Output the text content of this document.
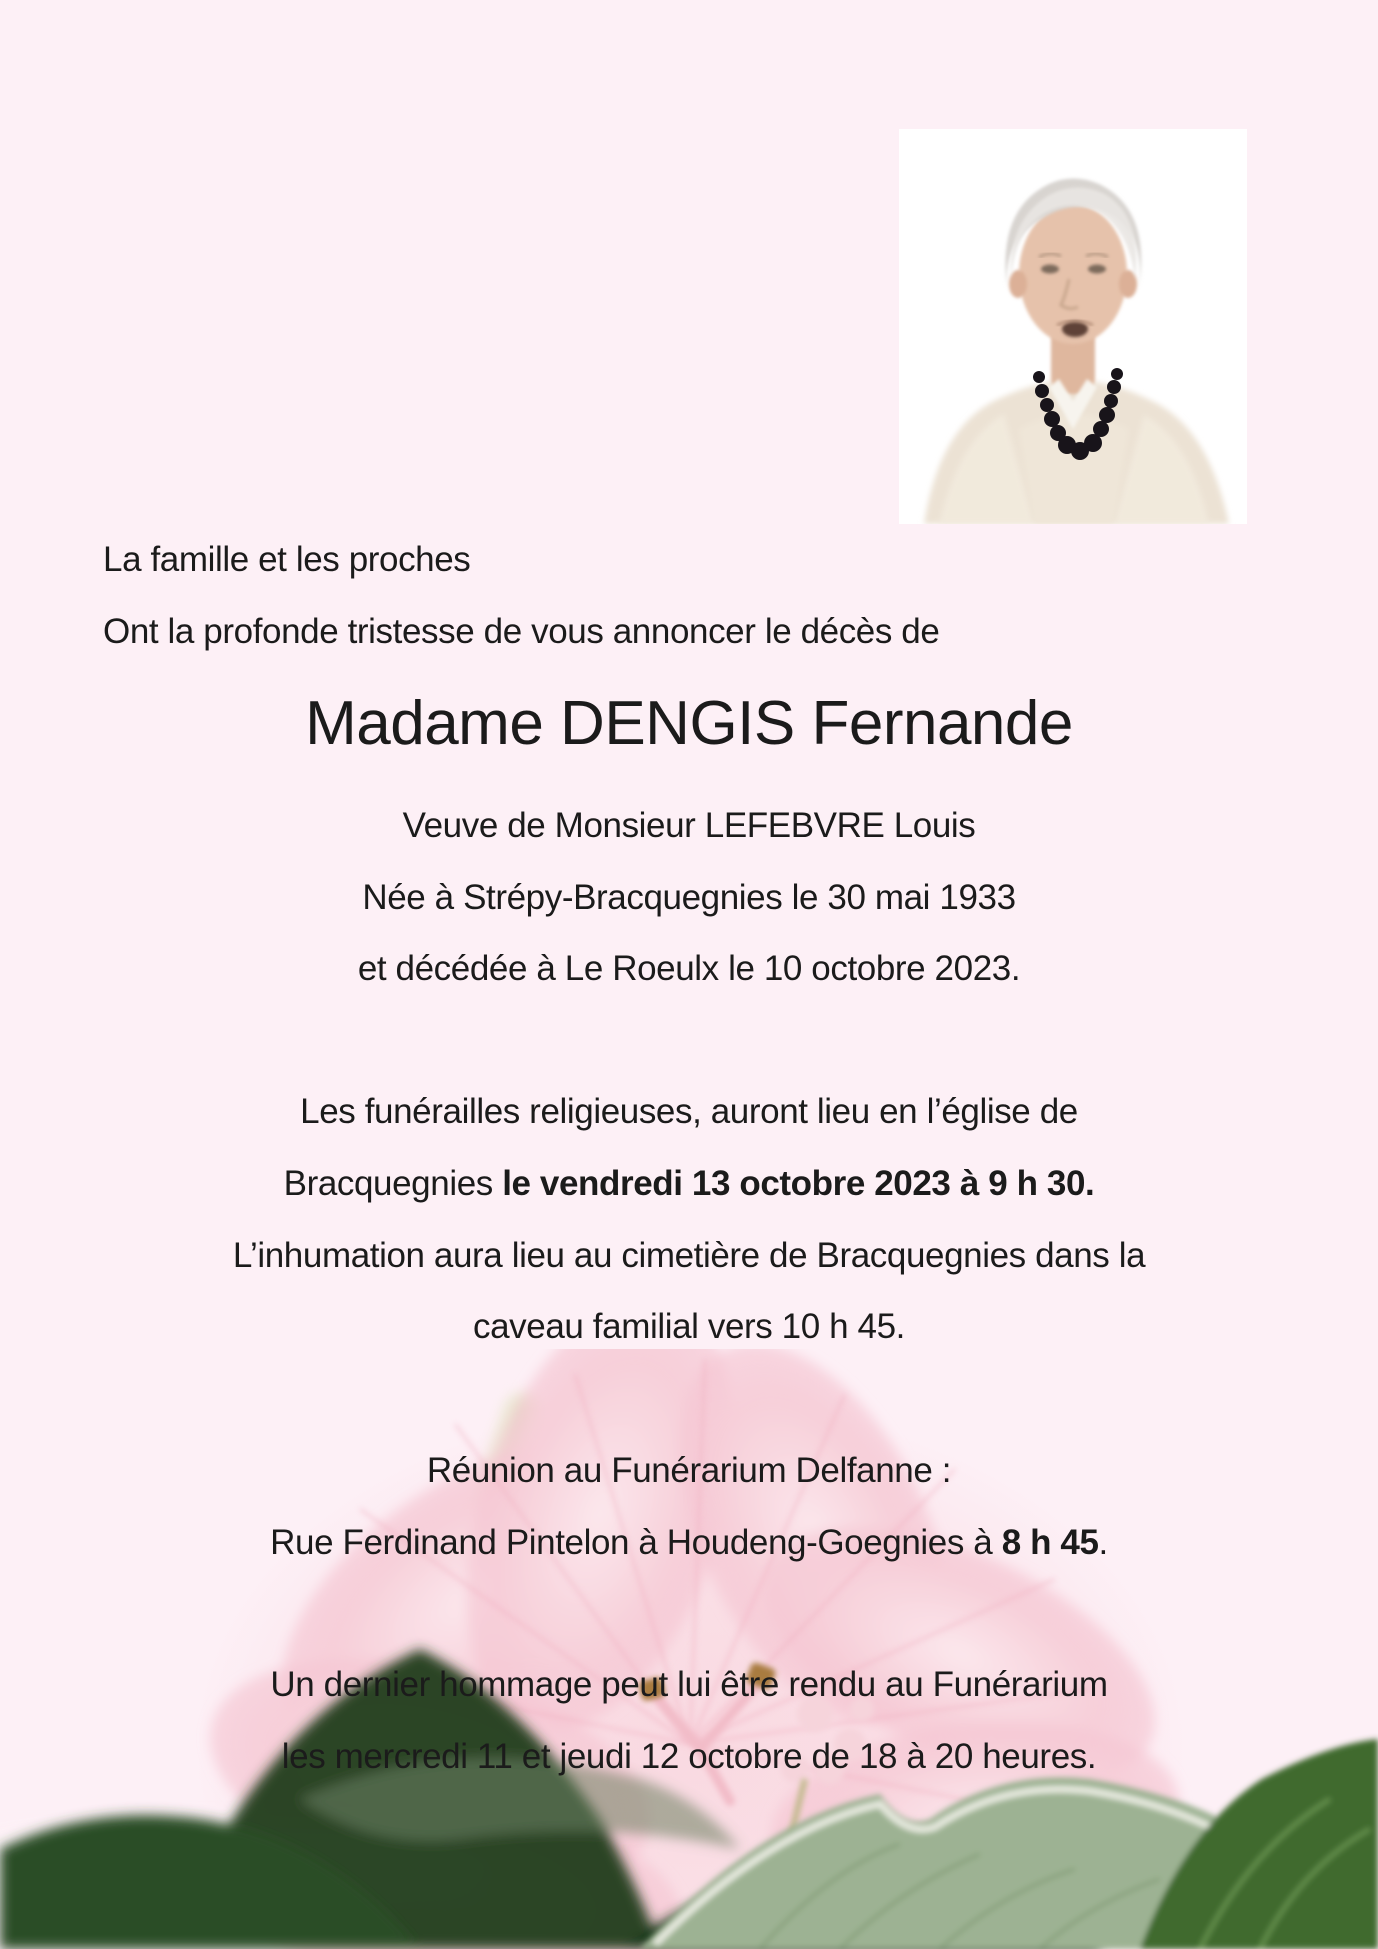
La famille et les proches
Ont la profonde tristesse de vous annoncer le décès de
Madame DENGIS Fernande
Veuve de Monsieur LEFEBVRE Louis
Née à Strépy-Bracquegnies le 30 mai 1933
et décédée à Le Roeulx le 10 octobre 2023.
Les funérailles religieuses, auront lieu en l’église de
Bracquegnies le vendredi 13 octobre 2023 à 9 h 30.
L’inhumation aura lieu au cimetière de Bracquegnies dans la
caveau familial vers 10 h 45.
Réunion au Funérarium Delfanne :
Rue Ferdinand Pintelon à Houdeng-Goegnies à 8 h 45.
Un dernier hommage peut lui être rendu au Funérarium
les mercredi 11 et jeudi 12 octobre de 18 à 20 heures.
